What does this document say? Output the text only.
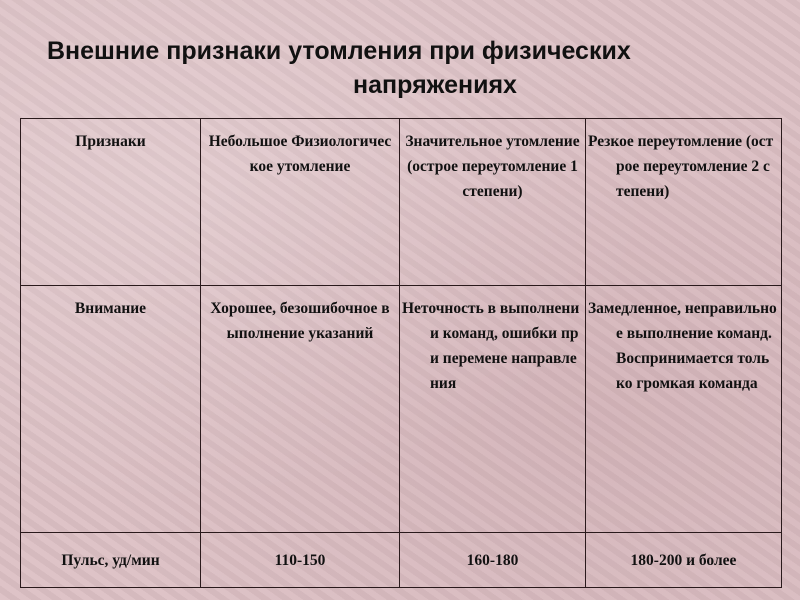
Внешние признаки утомления при физических
напряжениях
Признаки	Небольшое Физиологическое утомление	Значительное утомление (острое переутомление 1 степени)	Резкое переутомление (острое переутомление 2 степени)

Внимание	Хорошее, безошибочное выполнение указаний	Неточность в выполнении команд, ошибки при перемене направления	Замедленное, неправильное выполнение команд. Воспринимается только громкая команда

Пульс, уд/мин	110-150	160-180	180-200 и более
